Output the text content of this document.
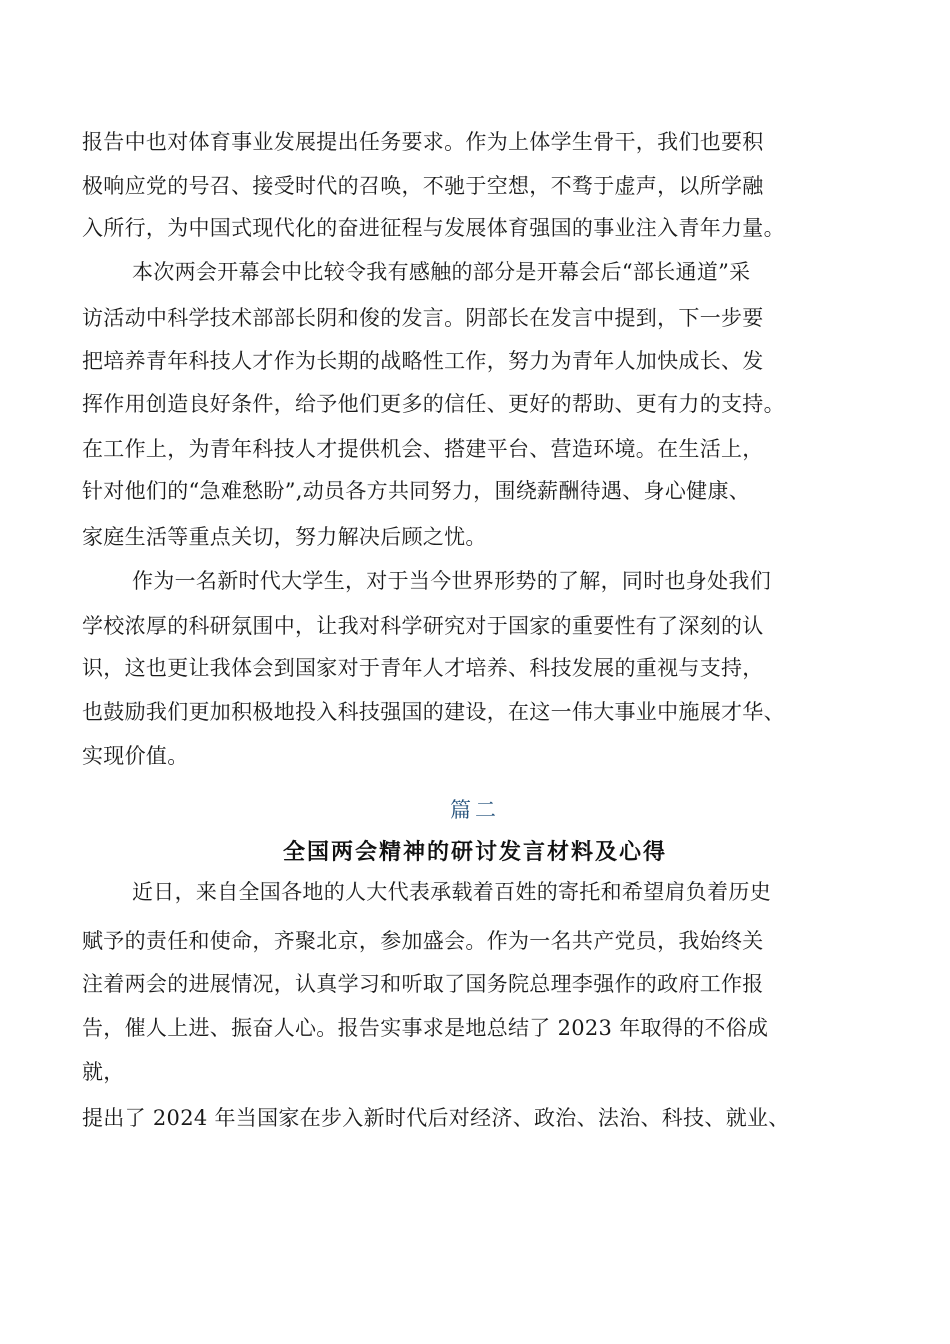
报告中也对体育事业发展提出任务要求。作为上体学生骨干，我们也要积
极响应党的号召、接受时代的召唤，不驰于空想，不骛于虚声，以所学融
入所行，为中国式现代化的奋进征程与发展体育强国的事业注入青年力量。
本次两会开幕会中比较令我有感触的部分是开幕会后“部长通道”采
访活动中科学技术部部长阴和俊的发言。阴部长在发言中提到，下一步要
把培养青年科技人才作为长期的战略性工作，努力为青年人加快成长、发
挥作用创造良好条件，给予他们更多的信任、更好的帮助、更有力的支持。
在工作上，为青年科技人才提供机会、搭建平台、营造环境。在生活上，
针对他们的“急难愁盼”,动员各方共同努力，围绕薪酬待遇、身心健康、
家庭生活等重点关切，努力解决后顾之忧。
作为一名新时代大学生，对于当今世界形势的了解，同时也身处我们
学校浓厚的科研氛围中，让我对科学研究对于国家的重要性有了深刻的认
识，这也更让我体会到国家对于青年人才培养、科技发展的重视与支持，
也鼓励我们更加积极地投入科技强国的建设，在这一伟大事业中施展才华、
实现价值。
篇二
全国两会精神的研讨发言材料及心得
近日，来自全国各地的人大代表承载着百姓的寄托和希望肩负着历史
赋予的责任和使命，齐聚北京，参加盛会。作为一名共产党员，我始终关
注着两会的进展情况，认真学习和听取了国务院总理李强作的政府工作报
告，催人上进、振奋人心。报告实事求是地总结了 2023 年取得的不俗成
就，
提出了 2024 年当国家在步入新时代后对经济、政治、法治、科技、就业、
